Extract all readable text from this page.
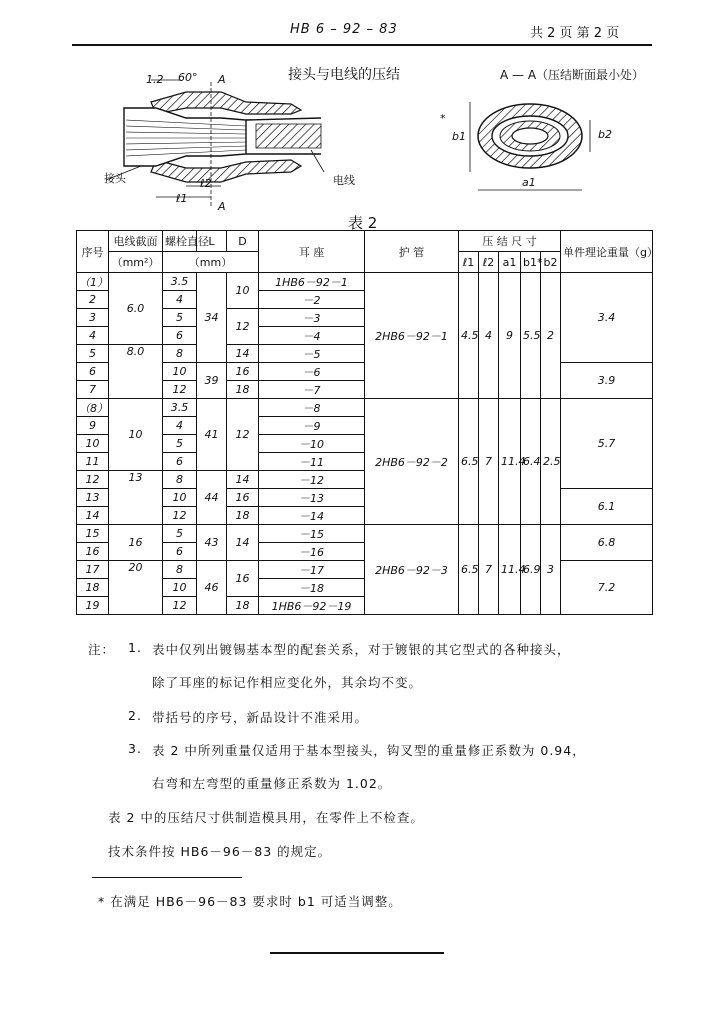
HB 6 – 92 – 83	共 2 页 第 2 页
1.2 60° A
ℓ2
ℓ1
A
接头	电线
接头与电线的压结	A — A（压结断面最小处）
*
b1	b2
a1
表 2
序号	电线截面	螺栓直径	L	D	耳 座	护 管	压 结 尺 寸					单件理论重量（g）
	（mm²）	（mm）					ℓ1	ℓ2	a1	b1*	b2	
（1）	6.0	3.5	34	10	1HB6－92－1	2HB6－92－1	4.5	4	9	5.5	2	3.4
2		4			－2							
3		5		12	－3							
4		6			－4							
5	8.0	8		14	－5							
6		10	39	16	－6							3.9
7		12		18	－7							
（8）	10	3.5	41	12	－8	2HB6－92－2	6.5	7	11.4	6.4	2.5	5.7
9		4			－9							
10		5			－10							
11		6			－11							
12	13	8	44	14	－12							
13		10		16	－13							6.1
14		12		18	－14							
15	16	5	43	14	－15	2HB6－92－3	6.5	7	11.4	6.9	3	6.8
16		6			－16							
17	20	8	46	16	－17							7.2
18		10			－18							
19		12		18	1HB6－92－19							
注： 1. 表中仅列出镀锡基本型的配套关系，对于镀银的其它型式的各种接头，
除了耳座的标记作相应变化外，其余均不变。
2. 带括号的序号，新品设计不准采用。
3. 表 2 中所列重量仅适用于基本型接头，钩叉型的重量修正系数为 0.94，
右弯和左弯型的重量修正系数为 1.02。
表 2 中的压结尺寸供制造模具用，在零件上不检查。
技术条件按 HB6－96－83 的规定。
* 在满足 HB6－96－83 要求时 b1 可适当调整。
